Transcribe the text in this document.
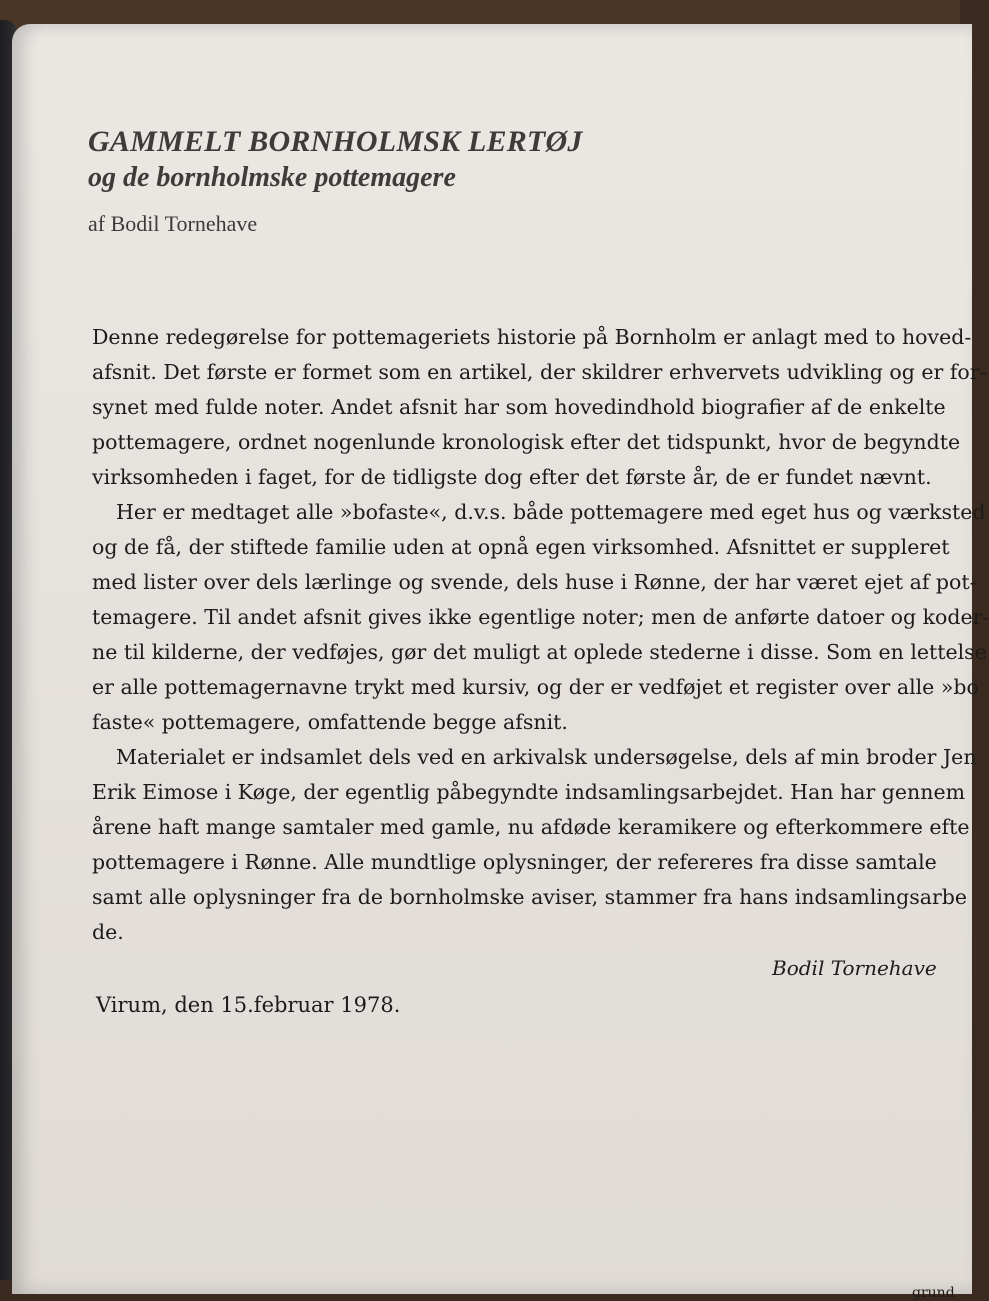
GAMMELT BORNHOLMSK LERTØJ
og de bornholmske pottemagere
af Bodil Tornehave
Denne redegørelse for pottemageriets historie på Bornholm er anlagt med to hoved-
afsnit. Det første er formet som en artikel, der skildrer erhvervets udvikling og er for-
synet med fulde noter. Andet afsnit har som hovedindhold biografier af de enkelte
pottemagere, ordnet nogenlunde kronologisk efter det tidspunkt, hvor de begyndte
virksomheden i faget, for de tidligste dog efter det første år, de er fundet nævnt.
Her er medtaget alle »bofaste«, d.v.s. både pottemagere med eget hus og værksted
og de få, der stiftede familie uden at opnå egen virksomhed. Afsnittet er suppleret
med lister over dels lærlinge og svende, dels huse i Rønne, der har været ejet af pot-
temagere. Til andet afsnit gives ikke egentlige noter; men de anførte datoer og koder-
ne til kilderne, der vedføjes, gør det muligt at oplede stederne i disse. Som en lettelse
er alle pottemagernavne trykt med kursiv, og der er vedføjet et register over alle »bo
faste« pottemagere, omfattende begge afsnit.
Materialet er indsamlet dels ved en arkivalsk undersøgelse, dels af min broder Jen
Erik Eimose i Køge, der egentlig påbegyndte indsamlingsarbejdet. Han har gennem
årene haft mange samtaler med gamle, nu afdøde keramikere og efterkommere efte
pottemagere i Rønne. Alle mundtlige oplysninger, der refereres fra disse samtale
samt alle oplysninger fra de bornholmske aviser, stammer fra hans indsamlingsarbe
de.
Bodil Tornehave
Virum, den 15.februar 1978.
grund
